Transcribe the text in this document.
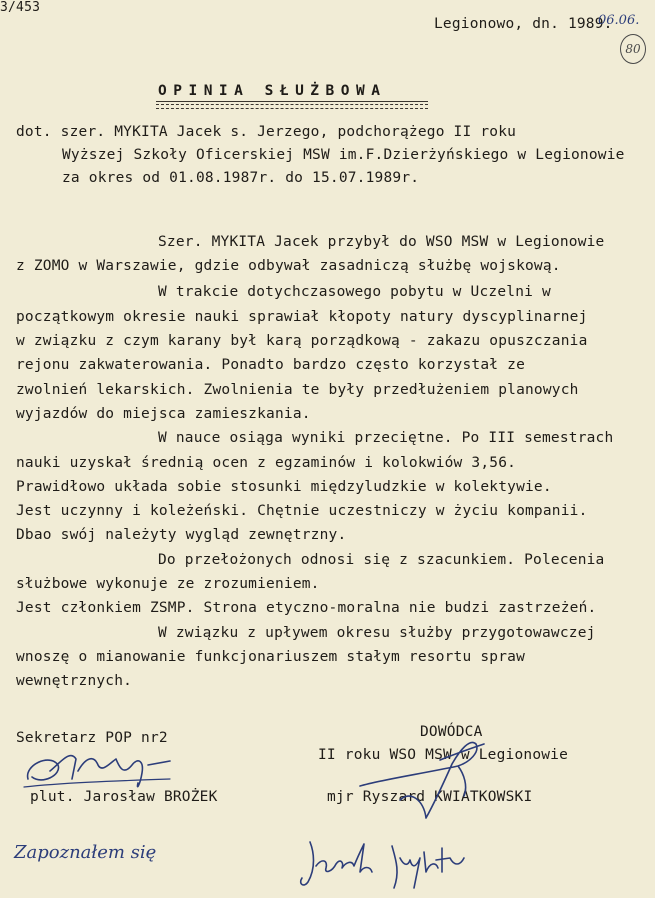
3/453
Legionowo, dn. 1989.
06.06.
80
OPINIA SŁUŻBOWA
dot. szer. MYKITA Jacek s. Jerzego, podchorążego II roku
Wyższej Szkoły Oficerskiej MSW im.F.Dzierżyńskiego w Legionowie
za okres od 01.08.1987r. do 15.07.1989r.
Szer. MYKITA Jacek przybył do WSO MSW w Legionowie
z ZOMO w Warszawie, gdzie odbywał zasadniczą służbę wojskową.
W trakcie dotychczasowego pobytu w Uczelni w
początkowym okresie nauki sprawiał kłopoty natury dyscyplinarnej
w związku z czym karany był karą porządkową - zakazu opuszczania
rejonu zakwaterowania. Ponadto bardzo często korzystał ze
zwolnień lekarskich. Zwolnienia te były przedłużeniem planowych
wyjazdów do miejsca zamieszkania.
W nauce osiąga wyniki przeciętne. Po III semestrach
nauki uzyskał średnią ocen z egzaminów i kolokwiów 3,56.
Prawidłowo układa sobie stosunki międzyludzkie w kolektywie.
Jest uczynny i koleżeński. Chętnie uczestniczy w życiu kompanii.
Dbao swój należyty wygląd zewnętrzny.
Do przełożonych odnosi się z szacunkiem. Polecenia
służbowe wykonuje ze zrozumieniem.
Jest członkiem ZSMP. Strona etyczno-moralna nie budzi zastrzeżeń.
W związku z upływem okresu służby przygotowawczej
wnoszę o mianowanie funkcjonariuszem stałym resortu spraw
wewnętrznych.
Sekretarz POP nr2	DOWÓDCA
II roku WSO MSW w Legionowie
plut. Jarosław BROŻEK	mjr Ryszard KWIATKOWSKI
Zapoznałem się
